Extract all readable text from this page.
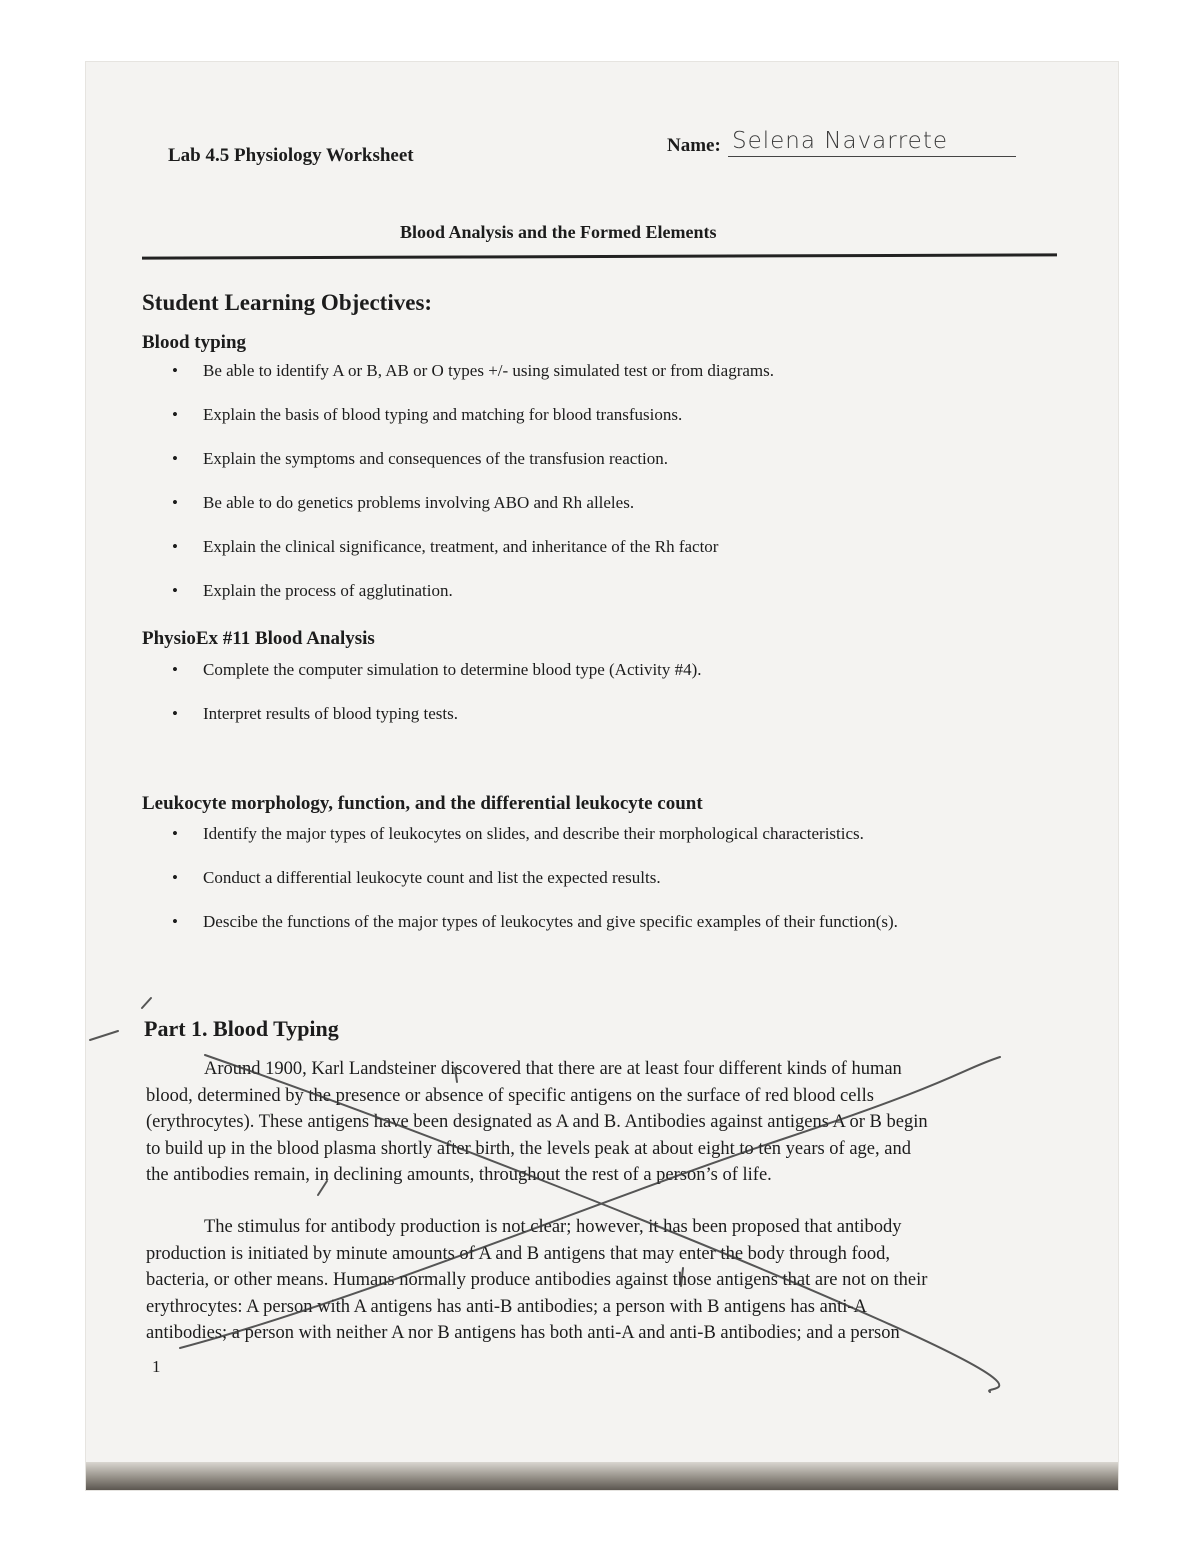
Lab 4.5 Physiology Worksheet	Name: Selena Navarrete
Blood Analysis and the Formed Elements
Student Learning Objectives:
Blood typing
• Be able to identify A or B, AB or O types +/- using simulated test or from diagrams.
• Explain the basis of blood typing and matching for blood transfusions.
• Explain the symptoms and consequences of the transfusion reaction.
• Be able to do genetics problems involving ABO and Rh alleles.
• Explain the clinical significance, treatment, and inheritance of the Rh factor
• Explain the process of agglutination.
PhysioEx #11 Blood Analysis
• Complete the computer simulation to determine blood type (Activity #4).
• Interpret results of blood typing tests.
Leukocyte morphology, function, and the differential leukocyte count
• Identify the major types of leukocytes on slides, and describe their morphological characteristics.
• Conduct a differential leukocyte count and list the expected results.
• Descibe the functions of the major types of leukocytes and give specific examples of their function(s).
Part 1. Blood Typing
Around 1900, Karl Landsteiner discovered that there are at least four different kinds of human
blood, determined by the presence or absence of specific antigens on the surface of red blood cells
(erythrocytes). These antigens have been designated as A and B. Antibodies against antigens A or B begin
to build up in the blood plasma shortly after birth, the levels peak at about eight to ten years of age, and
the antibodies remain, in declining amounts, throughout the rest of a person’s of life.
The stimulus for antibody production is not clear; however, it has been proposed that antibody
production is initiated by minute amounts of A and B antigens that may enter the body through food,
bacteria, or other means. Humans normally produce antibodies against those antigens that are not on their
erythrocytes: A person with A antigens has anti-B antibodies; a person with B antigens has anti-A
antibodies; a person with neither A nor B antigens has both anti-A and anti-B antibodies; and a person
1
